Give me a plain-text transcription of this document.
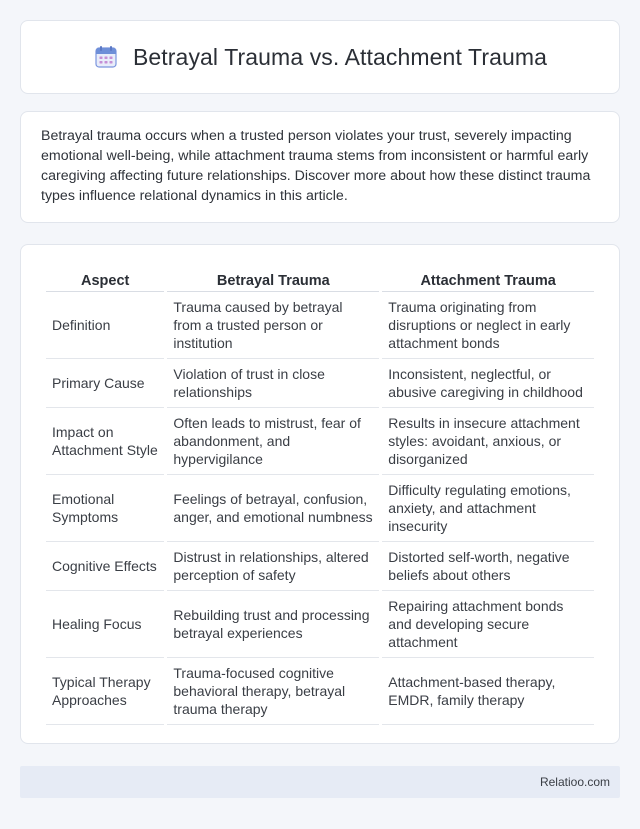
Betrayal Trauma vs. Attachment Trauma

Betrayal trauma occurs when a trusted person violates your trust, severely impacting emotional well-being, while attachment trauma stems from inconsistent or harmful early caregiving affecting future relationships. Discover more about how these distinct trauma types influence relational dynamics in this article.

Aspect	Betrayal Trauma	Attachment Trauma
Definition	Trauma caused by betrayal from a trusted person or institution	Trauma originating from disruptions or neglect in early attachment bonds
Primary Cause	Violation of trust in close relationships	Inconsistent, neglectful, or abusive caregiving in childhood
Impact on Attachment Style	Often leads to mistrust, fear of abandonment, and hypervigilance	Results in insecure attachment styles: avoidant, anxious, or disorganized
Emotional Symptoms	Feelings of betrayal, confusion, anger, and emotional numbness	Difficulty regulating emotions, anxiety, and attachment insecurity
Cognitive Effects	Distrust in relationships, altered perception of safety	Distorted self-worth, negative beliefs about others
Healing Focus	Rebuilding trust and processing betrayal experiences	Repairing attachment bonds and developing secure attachment
Typical Therapy Approaches	Trauma-focused cognitive behavioral therapy, betrayal trauma therapy	Attachment-based therapy, EMDR, family therapy
Relatioo.com
